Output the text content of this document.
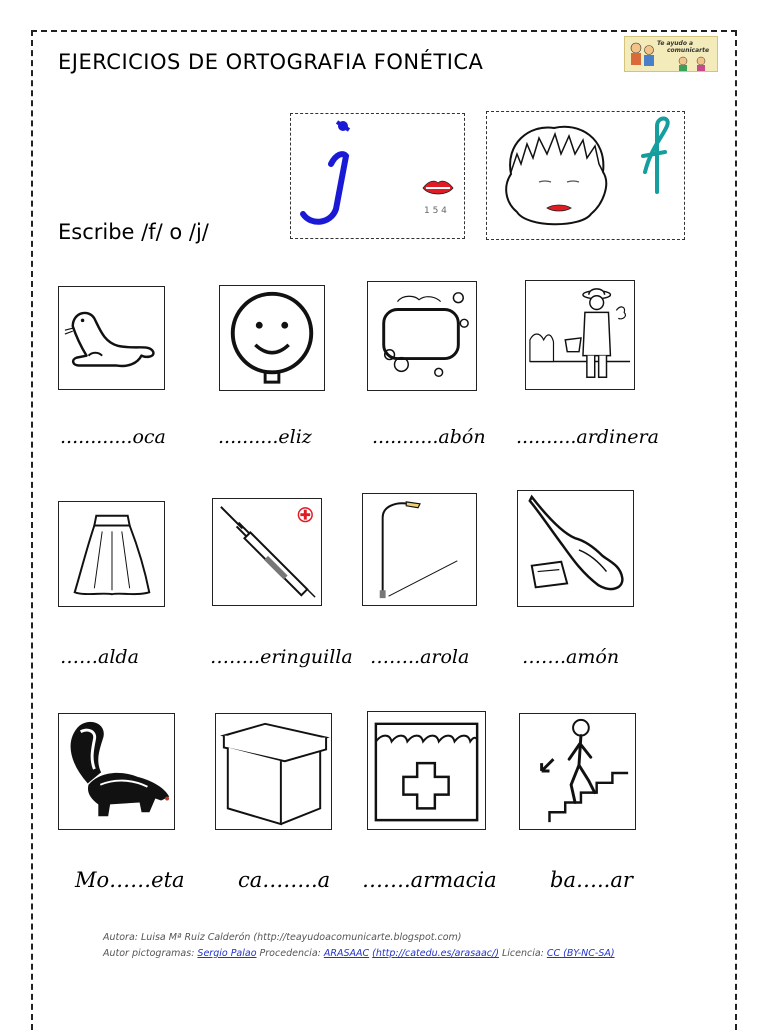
EJERCICIOS DE ORTOGRAFIA FONÉTICA
Te ayudo a
comunicarte
Escribe /f/ o /j/
1 5 4
............oca	..........eliz	...........abón ..........ardinera
……alda	……..eringuilla ……..arola	…….amón
Mo……eta	ca……..a …….armacia	ba…..ar
Autora: Luisa Mª Ruiz Calderón (http://teayudoacomunicarte.blogspot.com)
Autor pictogramas: Sergio Palao Procedencia: ARASAAC (http://catedu.es/arasaac/) Licencia: CC (BY-NC-SA)
